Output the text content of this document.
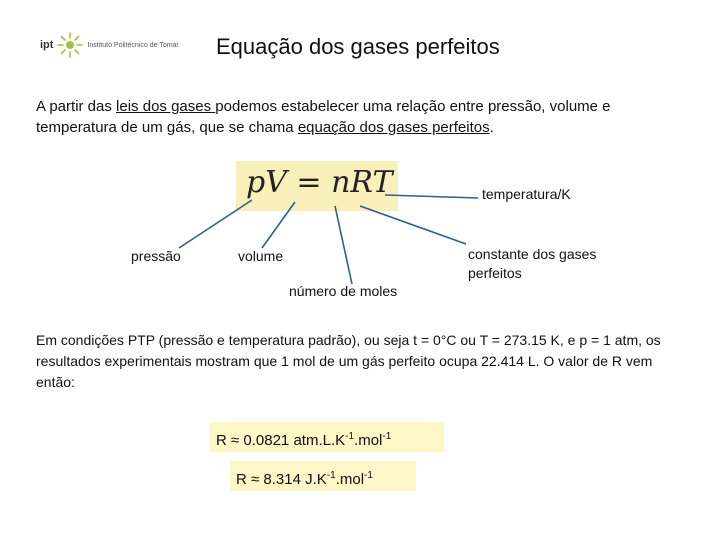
ipt	Instituto Politécnico de Tomar Equação dos gases perfeitos
A partir das leis dos gases podemos estabelecer uma relação entre pressão, volume e temperatura de um gás, que se chama equação dos gases perfeitos.
pV = nRT	temperatura/K
pressão	volume
número de moles
constante dos gases
perfeitos
Em condições PTP (pressão e temperatura padrão), ou seja t = 0°C ou T = 273.15 K, e p = 1 atm, os resultados experimentais mostram que 1 mol de um gás perfeito ocupa 22.414 L. O valor de R vem então:
R ≈ 0.0821 $atm.L.K^{-1}.mol^{-1}$
R ≈ 8.314 $J.K^{-1}.mol^{-1}$
